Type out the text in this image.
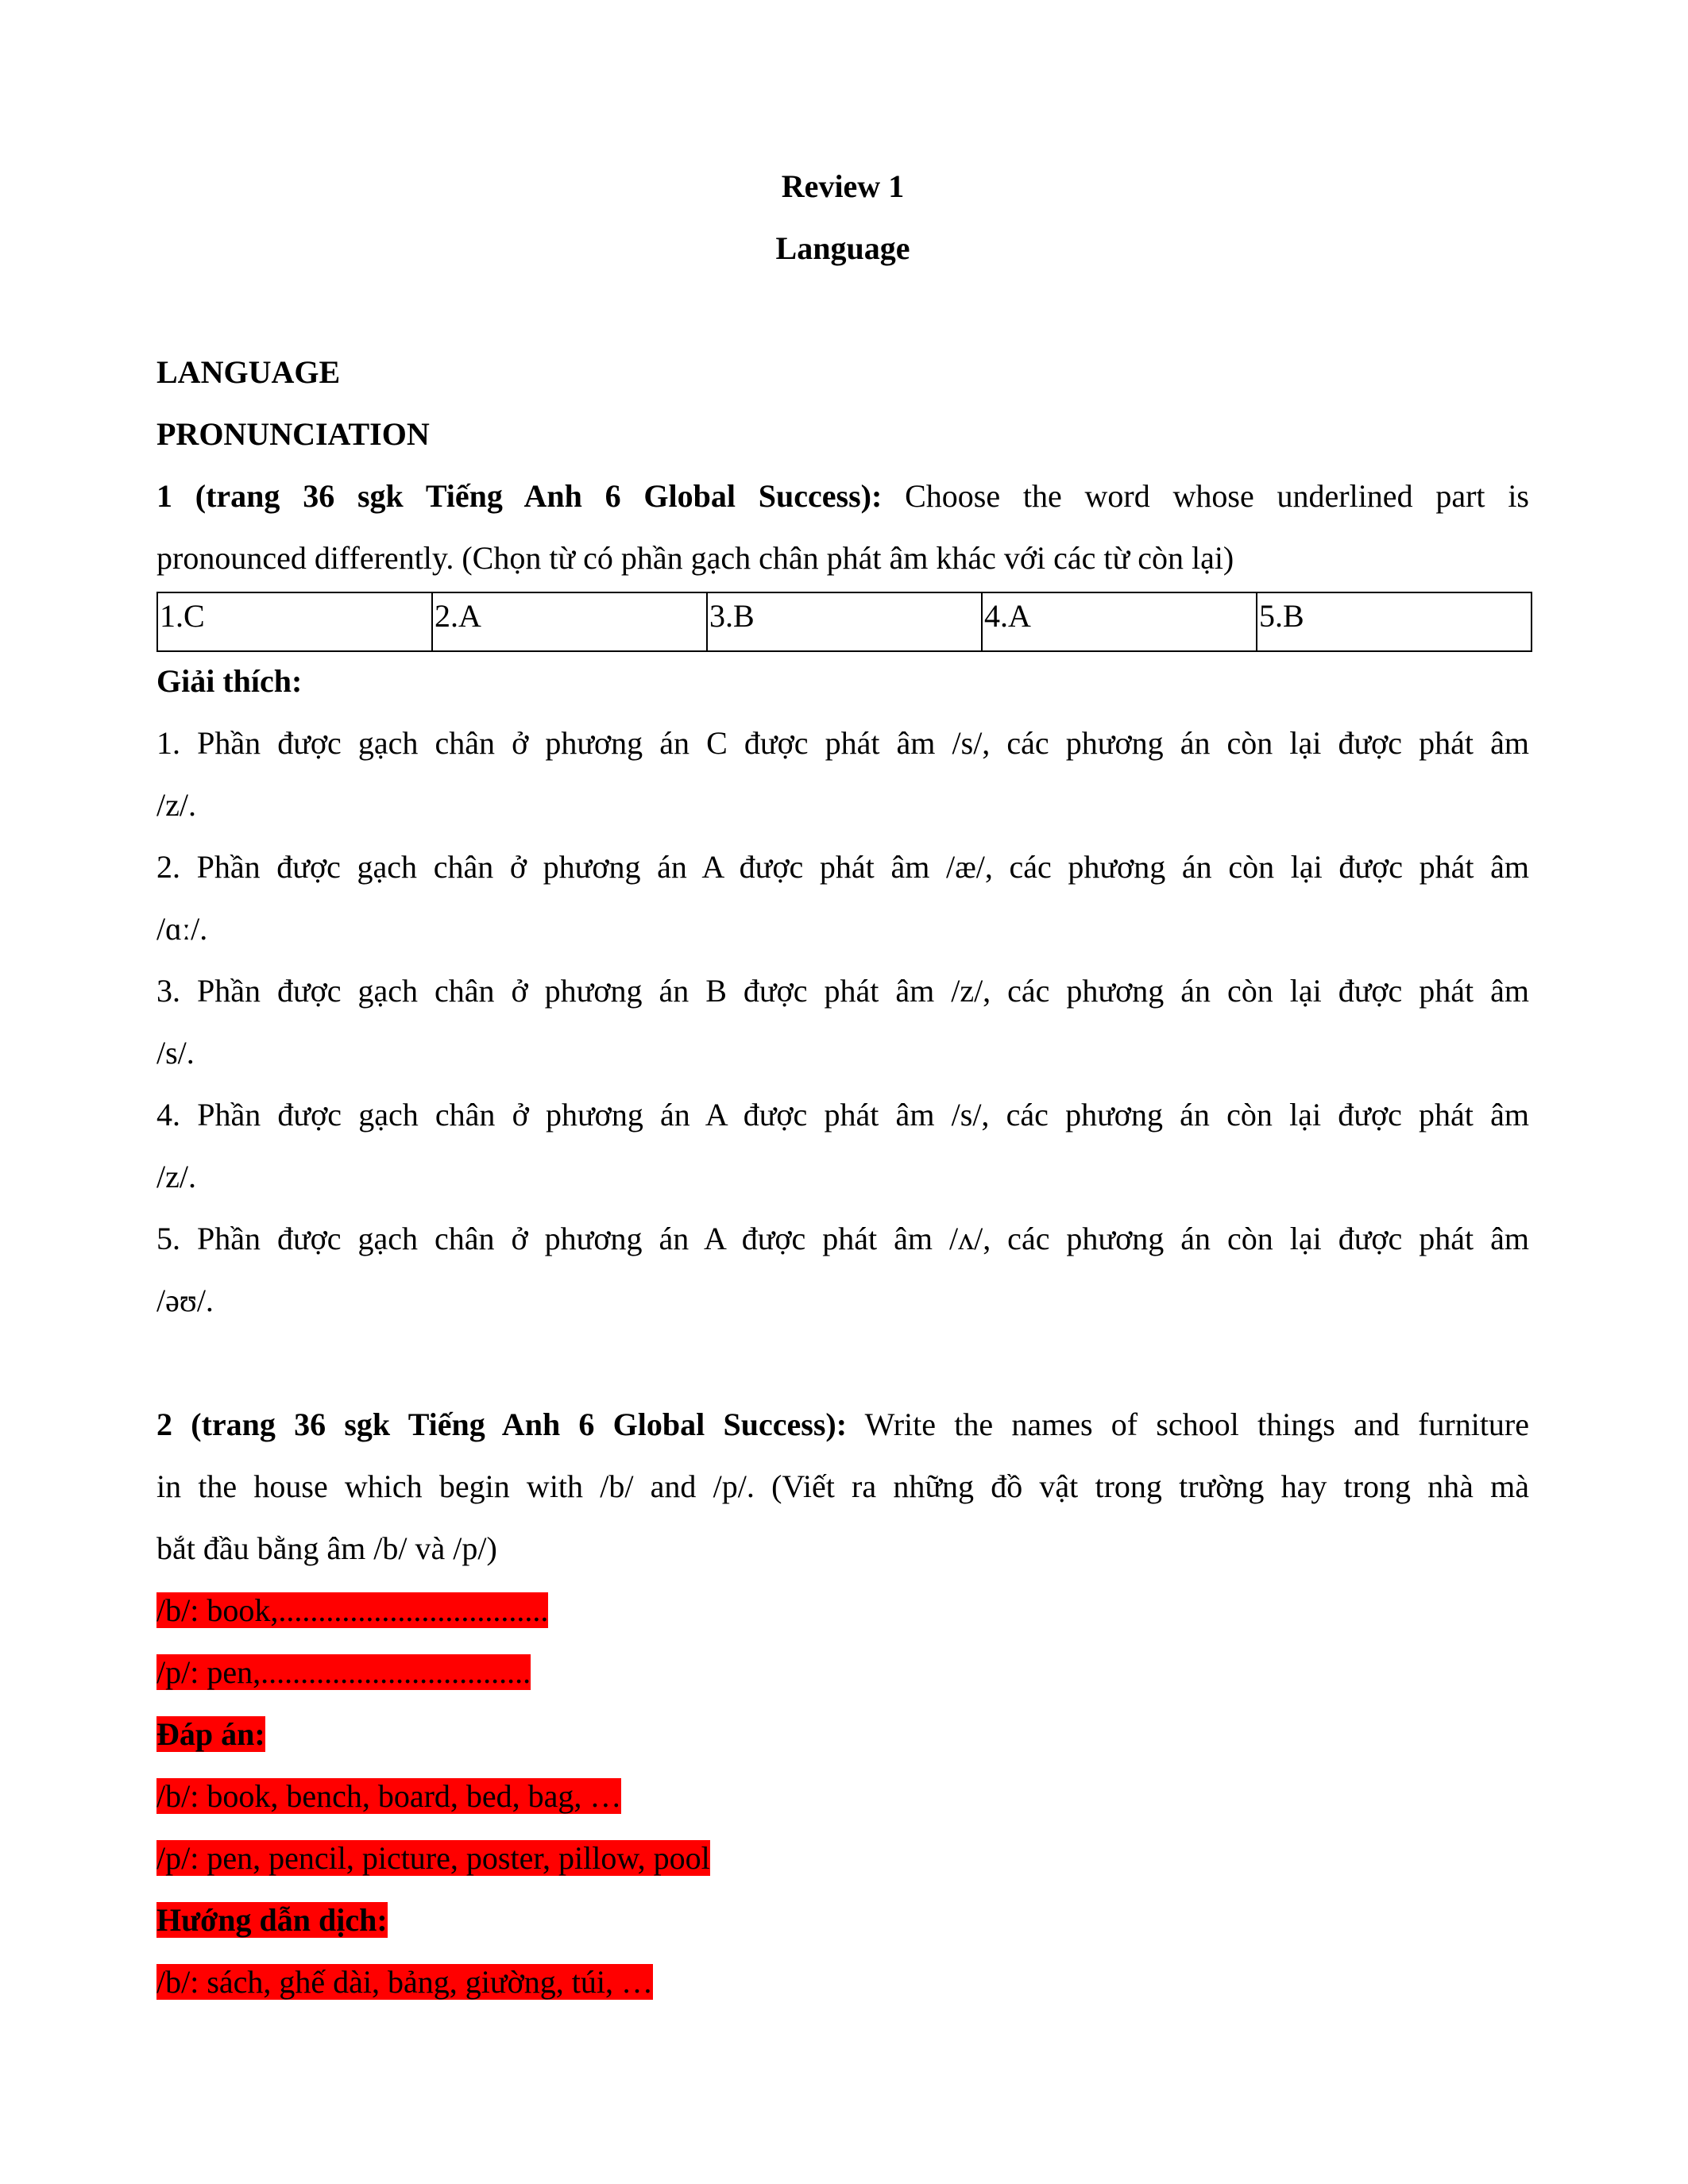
Review 1
Language
LANGUAGE
PRONUNCIATION
1 (trang 36 sgk Tiếng Anh 6 Global Success): Choose the word whose underlined part is
pronounced differently. (Chọn từ có phần gạch chân phát âm khác với các từ còn lại)
1.C	2.A	3.B	4.A	5.B
Giải thích:
1. Phần được gạch chân ở phương án C được phát âm /s/, các phương án còn lại được phát âm
/z/.
2. Phần được gạch chân ở phương án A được phát âm /æ/, các phương án còn lại được phát âm
/ɑː/.
3. Phần được gạch chân ở phương án B được phát âm /z/, các phương án còn lại được phát âm
/s/.
4. Phần được gạch chân ở phương án A được phát âm /s/, các phương án còn lại được phát âm
/z/.
5. Phần được gạch chân ở phương án A được phát âm /ʌ/, các phương án còn lại được phát âm
/əʊ/.
2 (trang 36 sgk Tiếng Anh 6 Global Success): Write the names of school things and furniture
in the house which begin with /b/ and /p/. (Viết ra những đồ vật trong trường hay trong nhà mà
bắt đầu bằng âm /b/ và /p/)
/b/: book,..................................
/p/: pen,..................................
Đáp án:
/b/: book, bench, board, bed, bag, …
/p/: pen, pencil, picture, poster, pillow, pool
Hướng dẫn dịch:
/b/: sách, ghế dài, bảng, giường, túi, …
